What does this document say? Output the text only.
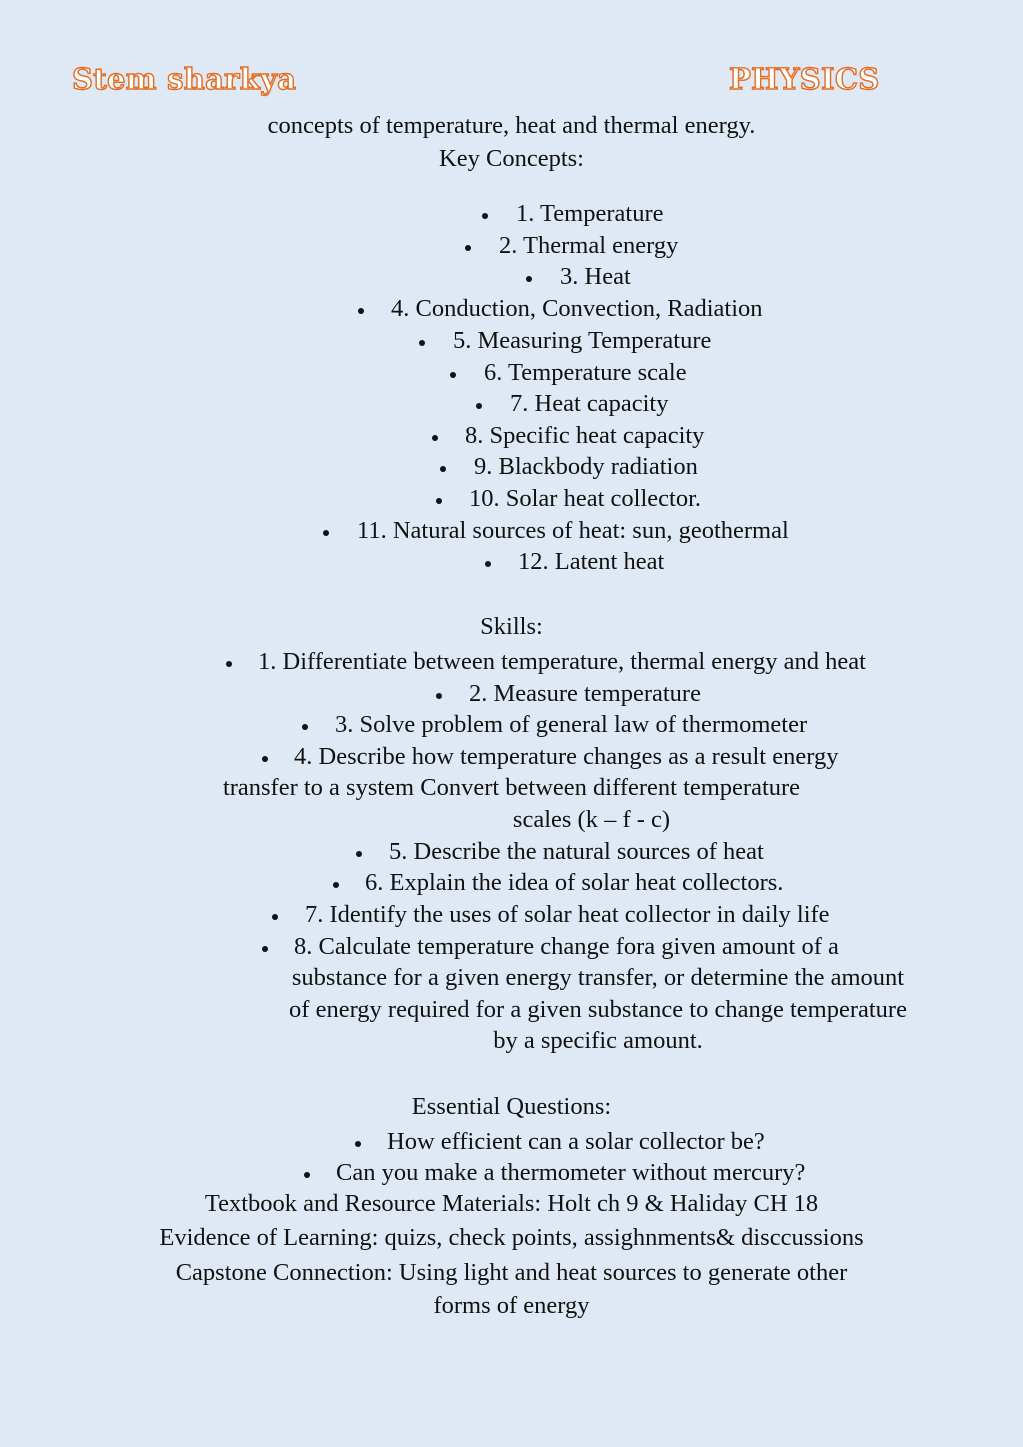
Stem sharkya	PHYSICS
concepts of temperature, heat and thermal energy.
Key Concepts:
1. Temperature
2. Thermal energy
3. Heat
4. Conduction, Convection, Radiation
5. Measuring Temperature
6. Temperature scale
7. Heat capacity
8. Specific heat capacity
9. Blackbody radiation
10. Solar heat collector.
11. Natural sources of heat: sun, geothermal
12. Latent heat
Skills:
1. Differentiate between temperature, thermal energy and heat
2. Measure temperature
3. Solve problem of general law of thermometer
4. Describe how temperature changes as a result energy
transfer to a system Convert between different temperature
scales (k – f - c)
5. Describe the natural sources of heat
6. Explain the idea of solar heat collectors.
7. Identify the uses of solar heat collector in daily life
8. Calculate temperature change fora given amount of a
substance for a given energy transfer, or determine the amount
of energy required for a given substance to change temperature
by a specific amount.
Essential Questions:
How efficient can a solar collector be?
Can you make a thermometer without mercury?
Textbook and Resource Materials: Holt ch 9 & Haliday CH 18
Evidence of Learning: quizs, check points, assighnments& disccussions
Capstone Connection: Using light and heat sources to generate other
forms of energy
